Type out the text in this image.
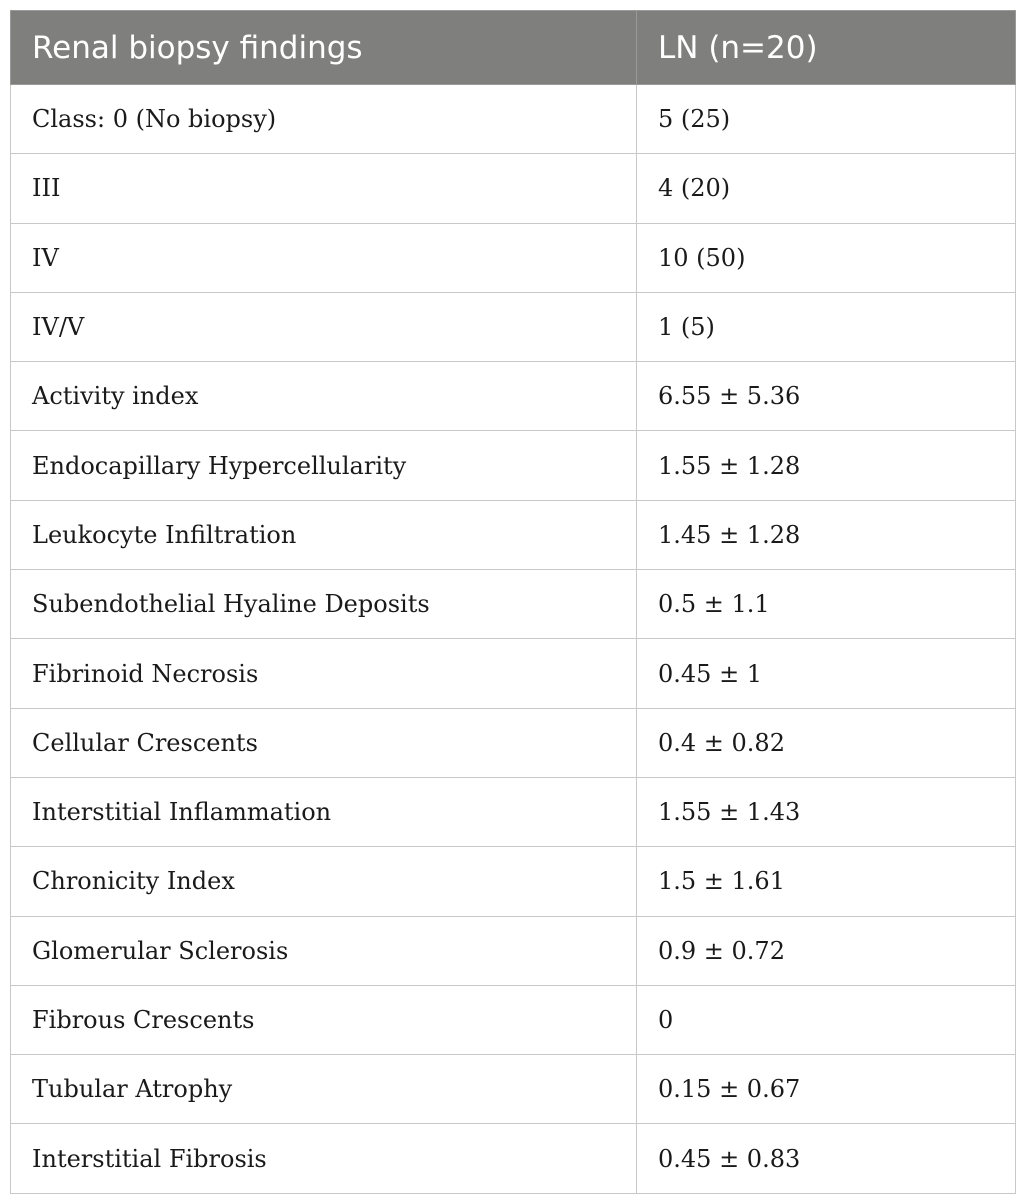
Renal biopsy findings	LN (n=20)
Class: 0 (No biopsy)	5 (25)
III	4 (20)
IV	10 (50)
IV/V	1 (5)
Activity index	6.55 ± 5.36
Endocapillary Hypercellularity	1.55 ± 1.28
Leukocyte Infiltration	1.45 ± 1.28
Subendothelial Hyaline Deposits	0.5 ± 1.1
Fibrinoid Necrosis	0.45 ± 1
Cellular Crescents	0.4 ± 0.82
Interstitial Inflammation	1.55 ± 1.43
Chronicity Index	1.5 ± 1.61
Glomerular Sclerosis	0.9 ± 0.72
Fibrous Crescents	0
Tubular Atrophy	0.15 ± 0.67
Interstitial Fibrosis	0.45 ± 0.83
